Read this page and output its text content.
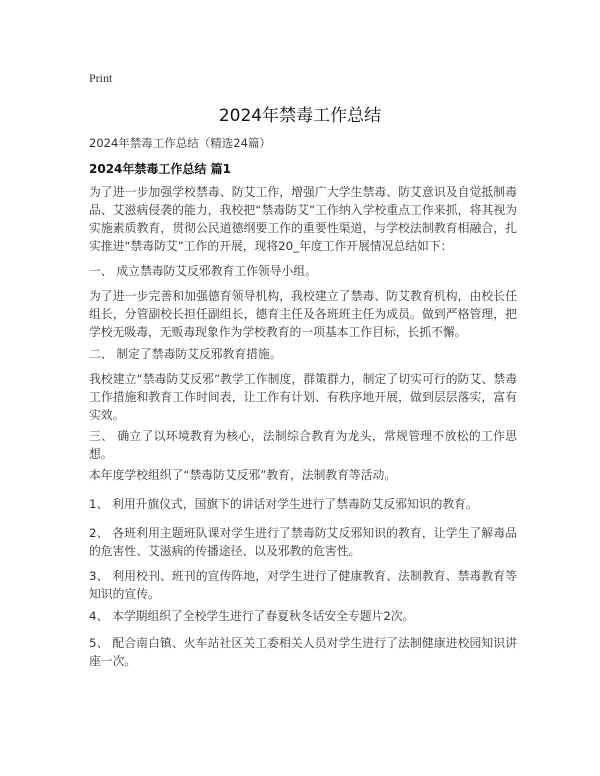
Print
2024年禁毒工作总结
2024年禁毒工作总结（精选24篇）
2024年禁毒工作总结 篇1
为了进一步加强学校禁毒、防艾工作，增强广大学生禁毒、防艾意识及自觉抵制毒品、艾滋病侵袭的能力，我校把“禁毒防艾”工作纳入学校重点工作来抓，将其视为实施素质教育，贯彻公民道德纲要工作的重要性渠道，与学校法制教育相融合，扎实推进“禁毒防艾”工作的开展，现将20_年度工作开展情况总结如下：
一、 成立禁毒防艾反邪教育工作领导小组。
为了进一步完善和加强德育领导机构，我校建立了禁毒、防艾教育机构，由校长任组长，分管副校长担任副组长，德育主任及各班班主任为成员。做到严格管理，把学校无吸毒，无贩毒现象作为学校教育的一项基本工作目标，长抓不懈。
二、 制定了禁毒防艾反邪教育措施。
我校建立“禁毒防艾反邪”教学工作制度，群策群力，制定了切实可行的防艾、禁毒工作措施和教育工作时间表，让工作有计划、有秩序地开展，做到层层落实，富有实效。
三、 确立了以环境教育为核心，法制综合教育为龙头，常规管理不放松的工作思想。
本年度学校组织了“禁毒防艾反邪”教育，法制教育等活动。
1、 利用升旗仪式，国旗下的讲话对学生进行了禁毒防艾反邪知识的教育。
2、 各班利用主题班队课对学生进行了禁毒防艾反邪知识的教育，让学生了解毒品的危害性、艾滋病的传播途径、以及邪教的危害性。
3、 利用校刊、班刊的宣传阵地，对学生进行了健康教育、法制教育、禁毒教育等知识的宣传。
4、 本学期组织了全校学生进行了春夏秋冬话安全专题片2次。
5、 配合南白镇、火车站社区关工委相关人员对学生进行了法制健康进校园知识讲座一次。
